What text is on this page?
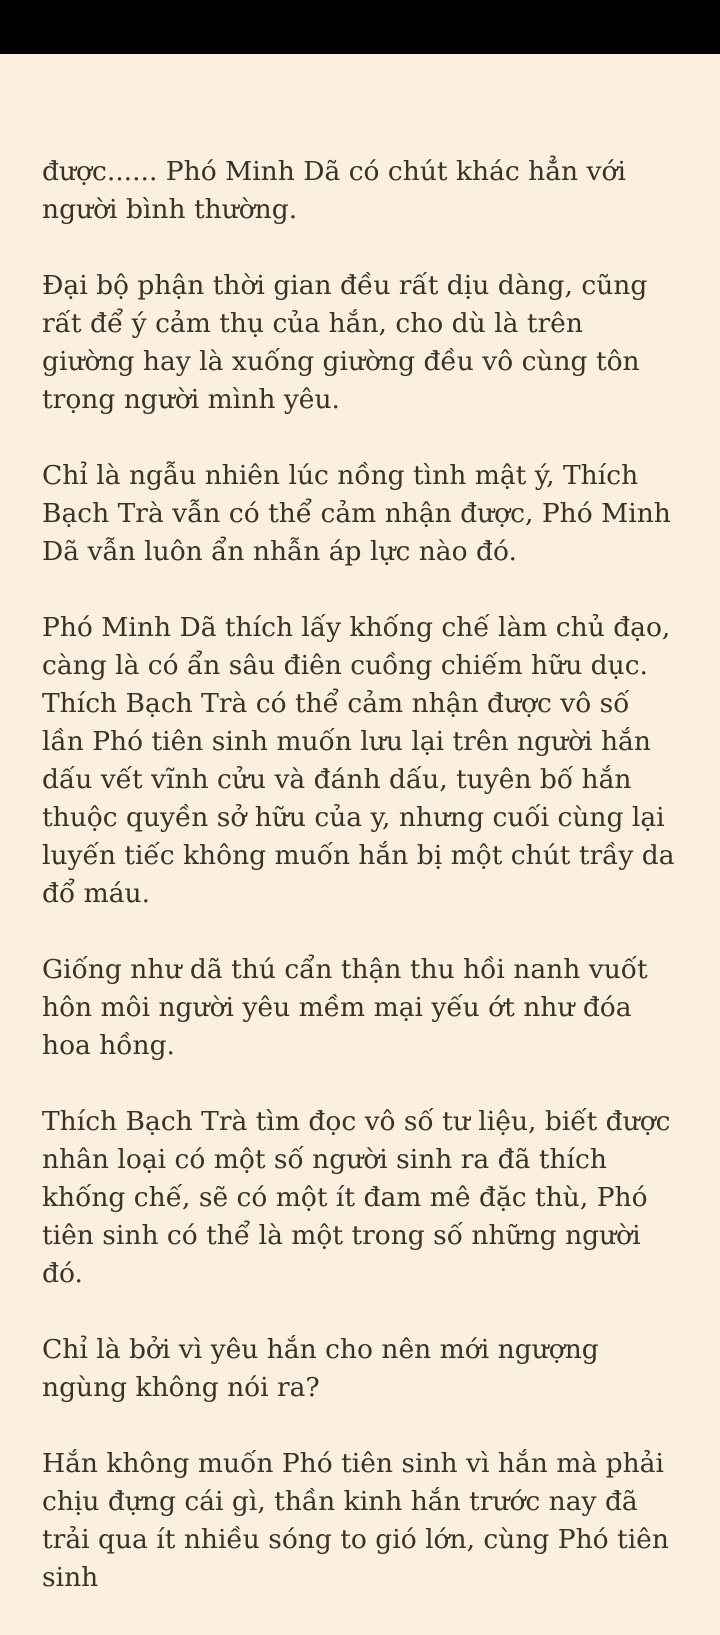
được...... Phó Minh Dã có chút khác hẳn với người bình thường.

Đại bộ phận thời gian đều rất dịu dàng, cũng rất để ý cảm thụ của hắn, cho dù là trên giường hay là xuống giường đều vô cùng tôn trọng người mình yêu.

Chỉ là ngẫu nhiên lúc nồng tình mật ý, Thích Bạch Trà vẫn có thể cảm nhận được, Phó Minh Dã vẫn luôn ẩn nhẫn áp lực nào đó.

Phó Minh Dã thích lấy khống chế làm chủ đạo, càng là có ẩn sâu điên cuồng chiếm hữu dục. Thích Bạch Trà có thể cảm nhận được vô số lần Phó tiên sinh muốn lưu lại trên người hắn dấu vết vĩnh cửu và đánh dấu, tuyên bố hắn thuộc quyền sở hữu của y, nhưng cuối cùng lại luyến tiếc không muốn hắn bị một chút trầy da đổ máu.

Giống như dã thú cẩn thận thu hồi nanh vuốt hôn môi người yêu mềm mại yếu ớt như đóa hoa hồng.

Thích Bạch Trà tìm đọc vô số tư liệu, biết được nhân loại có một số người sinh ra đã thích khống chế, sẽ có một ít đam mê đặc thù, Phó tiên sinh có thể là một trong số những người đó.

Chỉ là bởi vì yêu hắn cho nên mới ngượng ngùng không nói ra?

Hắn không muốn Phó tiên sinh vì hắn mà phải chịu đựng cái gì, thần kinh hắn trước nay đã trải qua ít nhiều sóng to gió lớn, cùng Phó tiên sinh
